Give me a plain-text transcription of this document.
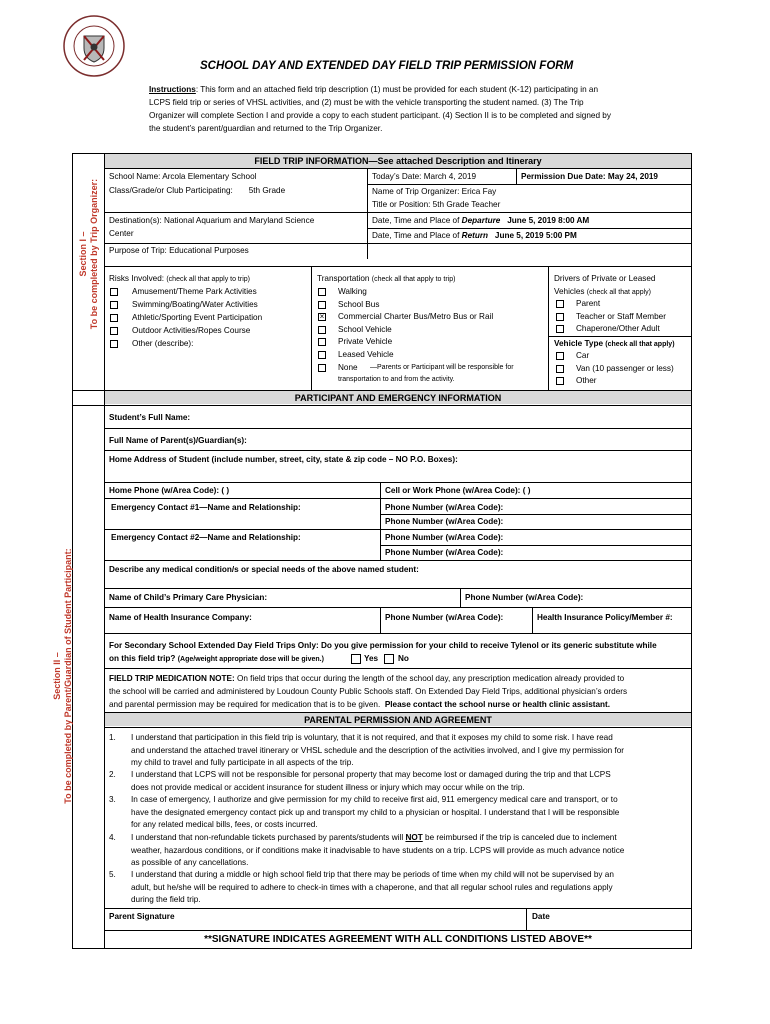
SCHOOL DAY AND EXTENDED DAY FIELD TRIP PERMISSION FORM
Instructions: This form and an attached field trip description (1) must be provided for each student (K-12) participating in an
LCPS field trip or series of VHSL activities, and (2) must be with the vehicle transporting the student named. (3) The Trip
Organizer will complete Section I and provide a copy to each student participant. (4) Section II is to be completed and signed by
the student’s parent/guardian and returned to the Trip Organizer.
Section I – To be completed by Trip Organizer:
FIELD TRIP INFORMATION—See attached Description and Itinerary
School Name: Arcola Elementary School	Today’s Date: March 4, 2019	Permission Due Date: May 24, 2019
Class/Grade/or Club Participating: 5th Grade	Name of Trip Organizer: Erica Fay
Title or Position: 5th Grade Teacher
Destination(s): National Aquarium and Maryland Science
Center
Date, Time and Place of Departure June 5, 2019 8:00 AM
Date, Time and Place of Return June 5, 2019 5:00 PM
Purpose of Trip: Educational Purposes
Risks Involved: (check all that apply to trip)
Amusement/Theme Park Activities
Swimming/Boating/Water Activities
Athletic/Sporting Event Participation
Outdoor Activities/Ropes Course
Other (describe):
Transportation (check all that apply to trip)
Walking
School Bus
× Commercial Charter Bus/Metro Bus or Rail
School Vehicle
Private Vehicle
Leased Vehicle
None —Parents or Participant will be responsible for
transportation to and from the activity.
Drivers of Private or Leased
Vehicles (check all that apply)
Parent
Teacher or Staff Member
Chaperone/Other Adult
Vehicle Type (check all that apply)
Car
Van (10 passenger or less)
Other
PARTICIPANT AND EMERGENCY INFORMATION
Section II – To be completed by Parent/Guardian of Student Participant:
Student’s Full Name:
Full Name of Parent(s)/Guardian(s):
Home Address of Student (include number, street, city, state & zip code – NO P.O. Boxes):
Home Phone (w/Area Code): ( )	Cell or Work Phone (w/Area Code): ( )
Emergency Contact #1—Name and Relationship:	Phone Number (w/Area Code):
Phone Number (w/Area Code):
Emergency Contact #2—Name and Relationship:	Phone Number (w/Area Code):
Phone Number (w/Area Code):
Describe any medical condition/s or special needs of the above named student:
Name of Child’s Primary Care Physician:	Phone Number (w/Area Code):
Name of Health Insurance Company:	Phone Number (w/Area Code):	Health Insurance Policy/Member #:
For Secondary School Extended Day Field Trips Only: Do you give permission for your child to receive Tylenol or its generic substitute while
on this field trip? (Age/weight appropriate dose will be given.)	Yes No
FIELD TRIP MEDICATION NOTE: On field trips that occur during the length of the school day, any prescription medication already provided to
the school will be carried and administered by Loudoun County Public Schools staff. On Extended Day Field Trips, additional physician’s orders
and parental permission may be required for medication that is to be given. Please contact the school nurse or health clinic assistant.
PARENTAL PERMISSION AND AGREEMENT
1. I understand that participation in this field trip is voluntary, that it is not required, and that it exposes my child to some risk. I have read
and understand the attached travel itinerary or VHSL schedule and the description of the activities involved, and I give my permission for
my child to travel and fully participate in all aspects of the trip.
2. I understand that LCPS will not be responsible for personal property that may become lost or damaged during the trip and that LCPS
does not provide medical or accident insurance for student illness or injury which may occur while on the trip.
3. In case of emergency, I authorize and give permission for my child to receive first aid, 911 emergency medical care and transport, or to
have the designated emergency contact pick up and transport my child to a physician or hospital. I understand that I will be responsible
for any related medical bills, fees, or costs incurred.
4. I understand that non-refundable tickets purchased by parents/students will NOT be reimbursed if the trip is canceled due to inclement
weather, hazardous conditions, or if conditions make it inadvisable to have students on a trip. LCPS will provide as much advance notice
as possible of any cancellations.
5. I understand that during a middle or high school field trip that there may be periods of time when my child will not be supervised by an
adult, but he/she will be required to adhere to check-in times with a chaperone, and that all regular school rules and regulations apply
during the field trip.
Parent Signature	Date
**SIGNATURE INDICATES AGREEMENT WITH ALL CONDITIONS LISTED ABOVE**
